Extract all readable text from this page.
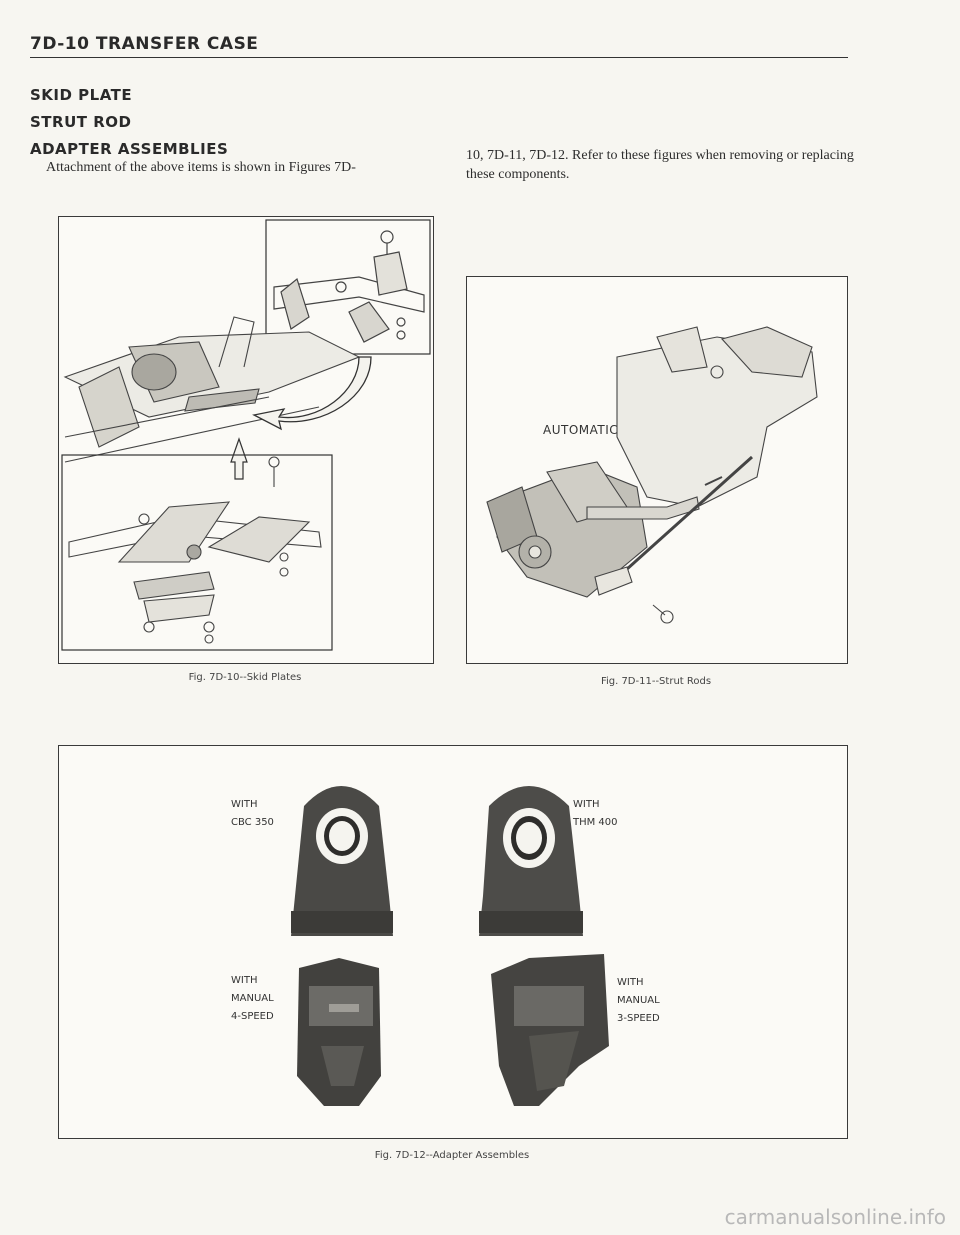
7D-10 TRANSFER CASE
SKID PLATE
STRUT ROD
ADAPTER ASSEMBLIES
Attachment of the above items is shown in Figures 7D-
10, 7D-11, 7D-12. Refer to these figures when removing or replacing these components.
Fig. 7D-10--Skid Plates
AUTOMATIC
Fig. 7D-11--Strut Rods
WITH
CBC 350
WITH
THM 400
WITH
MANUAL
4-SPEED
WITH
MANUAL
3-SPEED
Fig. 7D-12--Adapter Assembles
carmanualsonline.info
